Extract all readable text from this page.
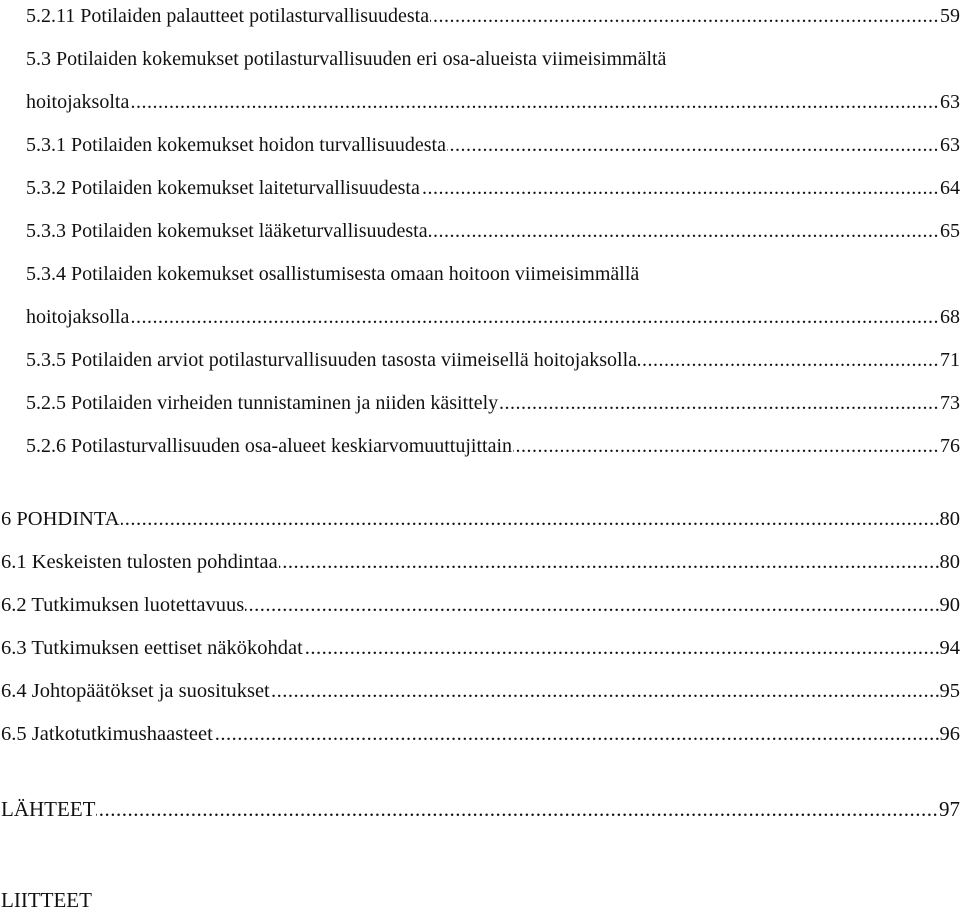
.....
5.2.11 Potilaiden palautteet potilasturvallisuudesta	59
5.3 Potilaiden kokemukset potilasturvallisuuden eri osa-alueista viimeisimmältä
.....
hoitojaksolta	63
.....
5.3.1 Potilaiden kokemukset hoidon turvallisuudesta	63
.....
5.3.2 Potilaiden kokemukset laiteturvallisuudesta	64
.....
5.3.3 Potilaiden kokemukset lääketurvallisuudesta	65
5.3.4 Potilaiden kokemukset osallistumisesta omaan hoitoon viimeisimmällä
.....
hoitojaksolla	68
.....
5.3.5 Potilaiden arviot potilasturvallisuuden tasosta viimeisellä hoitojaksolla	71
.....
5.2.5 Potilaiden virheiden tunnistaminen ja niiden käsittely	73
.....
5.2.6 Potilasturvallisuuden osa-alueet keskiarvomuuttujittain	76
.....
6 POHDINTA	80
.....
6.1 Keskeisten tulosten pohdintaa	80
.....
6.2 Tutkimuksen luotettavuus	90
.....
6.3 Tutkimuksen eettiset näkökohdat	94
.....
6.4 Johtopäätökset ja suositukset	95
.....
6.5 Jatkotutkimushaasteet	96
.....
LÄHTEET	97
LIITTEET
